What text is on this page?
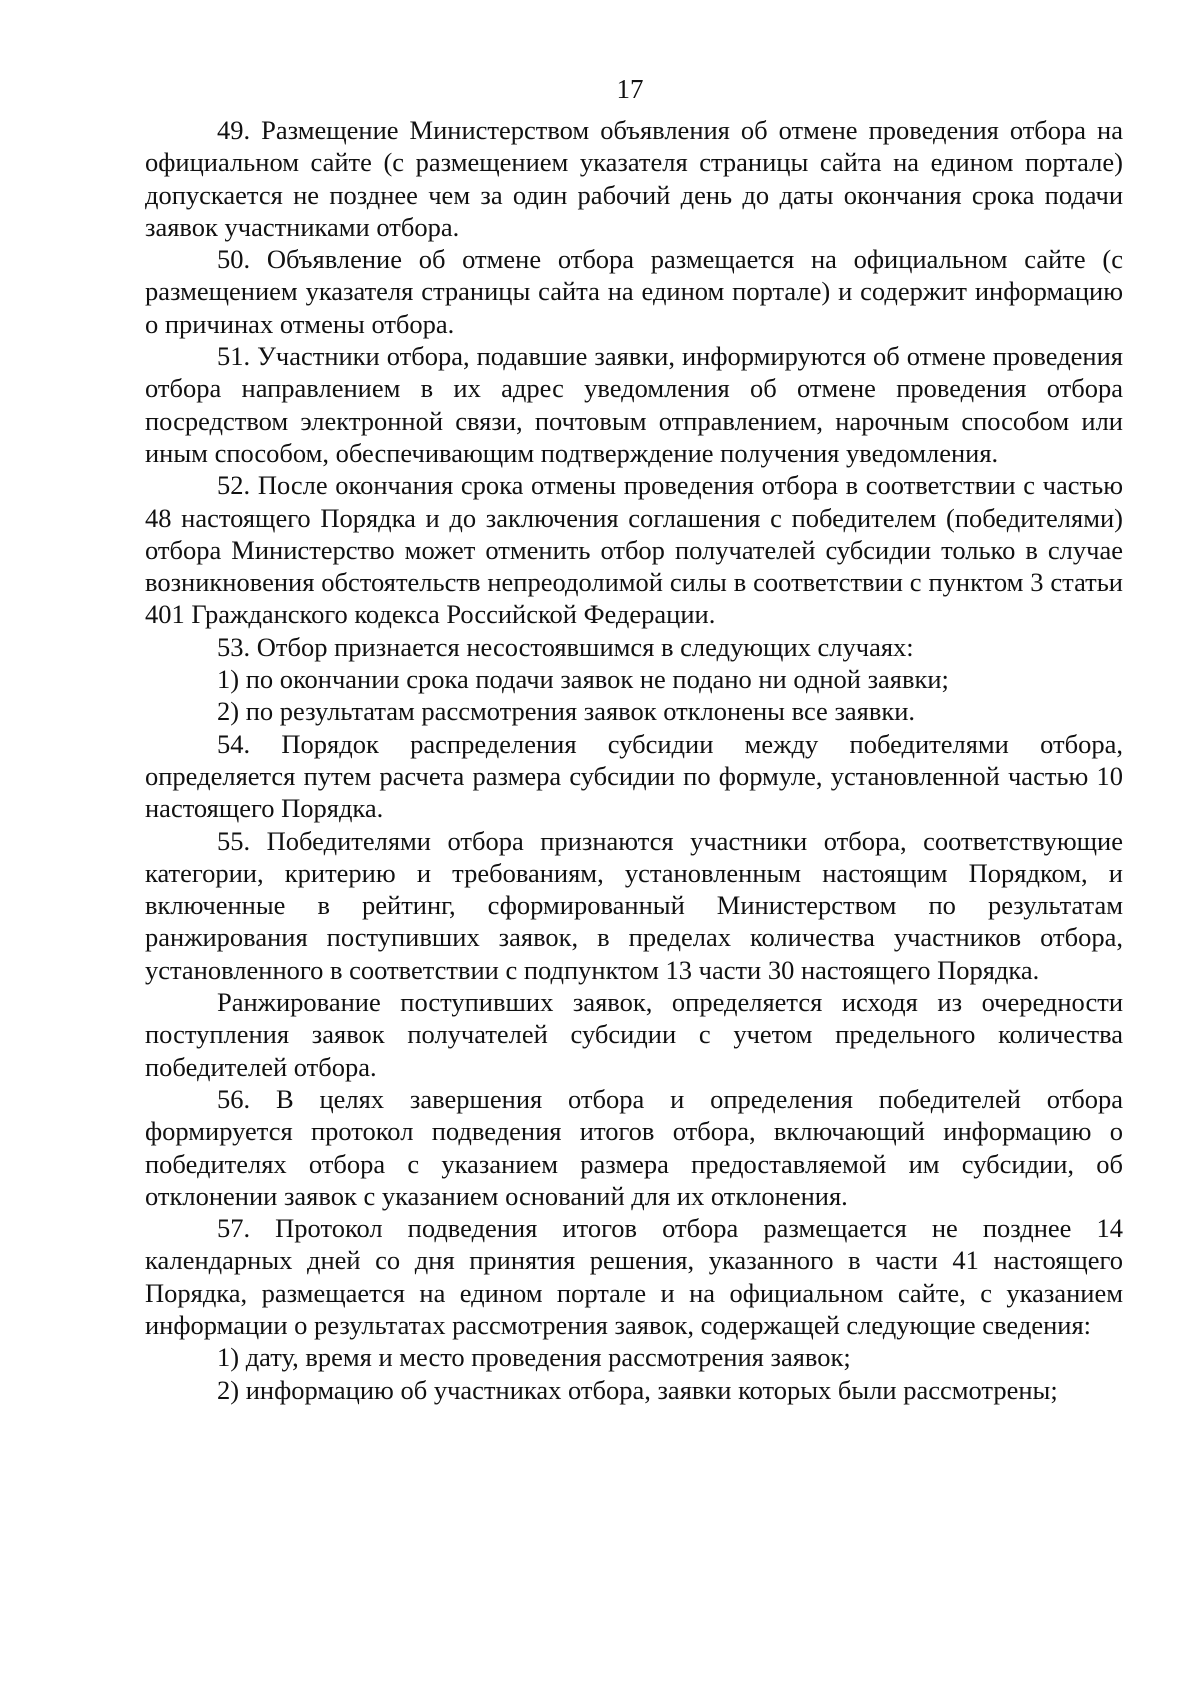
17

49. Размещение Министерством объявления об отмене проведения отбора на официальном сайте (с размещением указателя страницы сайта на едином портале) допускается не позднее чем за один рабочий день до даты окончания срока подачи заявок участниками отбора.

50. Объявление об отмене отбора размещается на официальном сайте (с размещением указателя страницы сайта на едином портале) и содержит информацию о причинах отмены отбора.

51. Участники отбора, подавшие заявки, информируются об отмене проведения отбора направлением в их адрес уведомления об отмене проведения отбора посредством электронной связи, почтовым отправлением, нарочным способом или иным способом, обеспечивающим подтверждение получения уведомления.

52. После окончания срока отмены проведения отбора в соответствии с частью 48 настоящего Порядка и до заключения соглашения с победителем (победителями) отбора Министерство может отменить отбор получателей субсидии только в случае возникновения обстоятельств непреодолимой силы в соответствии с пунктом 3 статьи 401 Гражданского кодекса Российской Федерации.

53. Отбор признается несостоявшимся в следующих случаях:

1) по окончании срока подачи заявок не подано ни одной заявки;

2) по результатам рассмотрения заявок отклонены все заявки.

54. Порядок распределения субсидии между победителями отбора, определяется путем расчета размера субсидии по формуле, установленной частью 10 настоящего Порядка.

55. Победителями отбора признаются участники отбора, соответствующие категории, критерию и требованиям, установленным настоящим Порядком, и включенные в рейтинг, сформированный Министерством по результатам ранжирования поступивших заявок, в пределах количества участников отбора, установленного в соответствии с подпунктом 13 части 30 настоящего Порядка.

Ранжирование поступивших заявок, определяется исходя из очередности поступления заявок получателей субсидии с учетом предельного количества победителей отбора.

56. В целях завершения отбора и определения победителей отбора формируется протокол подведения итогов отбора, включающий информацию о победителях отбора с указанием размера предоставляемой им субсидии, об отклонении заявок с указанием оснований для их отклонения.

57. Протокол подведения итогов отбора размещается не позднее 14 календарных дней со дня принятия решения, указанного в части 41 настоящего Порядка, размещается на едином портале и на официальном сайте, с указанием информации о результатах рассмотрения заявок, содержащей следующие сведения:

1) дату, время и место проведения рассмотрения заявок;

2) информацию об участниках отбора, заявки которых были рассмотрены;
